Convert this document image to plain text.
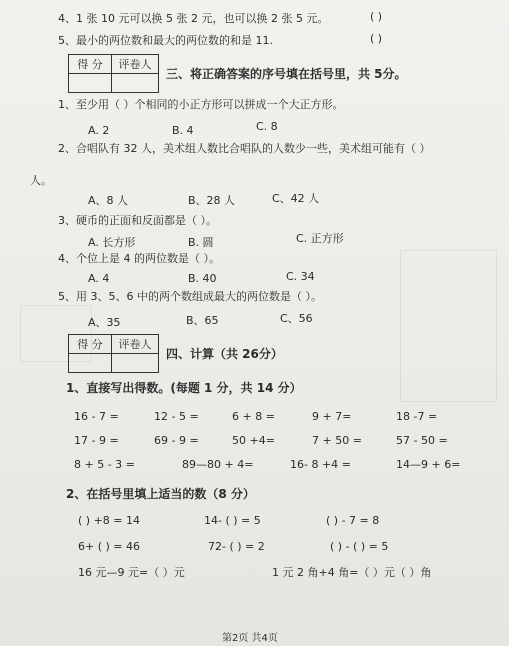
4、1 张 10 元可以换 5 张 2 元，也可以换 2 张 5 元。	( )
5、最小的两位数和最大的两位数的和是 11.	( )
得 分	评卷人

三、将正确答案的序号填在括号里，共 5分。
1、至少用（ ）个相同的小正方形可以拼成一个大正方形。
A. 2	B. 4	C. 8
2、合唱队有 32 人，美术组人数比合唱队的人数少一些，美术组可能有（ ）
人。
A、8 人	B、28 人	C、42 人
3、硬币的正面和反面都是（ ）。
A. 长方形	B. 圆	C. 正方形
4、个位上是 4 的两位数是（ ）。
A. 4	B. 40	C. 34
5、用 3、5、6 中的两个数组成最大的两位数是（ ）。
A、35	B、65	C、56
得 分	评卷人

四、计算（共 26分）
1、直接写出得数。(每题 1 分，共 14 分）
16 - 7 =	12 - 5 =	6 + 8 =	9 + 7=	18 -7 =
17 - 9 =	69 - 9 =	50 +4=	7 + 50 =	57 - 50 =
8 + 5 - 3 =	89—80 + 4=	16- 8 +4 =	14—9 + 6=
2、在括号里填上适当的数（8 分）
( ) +8 = 14	14- ( ) = 5	( ) - 7 = 8
6+ ( ) = 46	72- ( ) = 2	( ) - ( ) = 5
16 元—9 元=（ ）元	1 元 2 角+4 角=（ ）元（ ）角
第2页 共4页
